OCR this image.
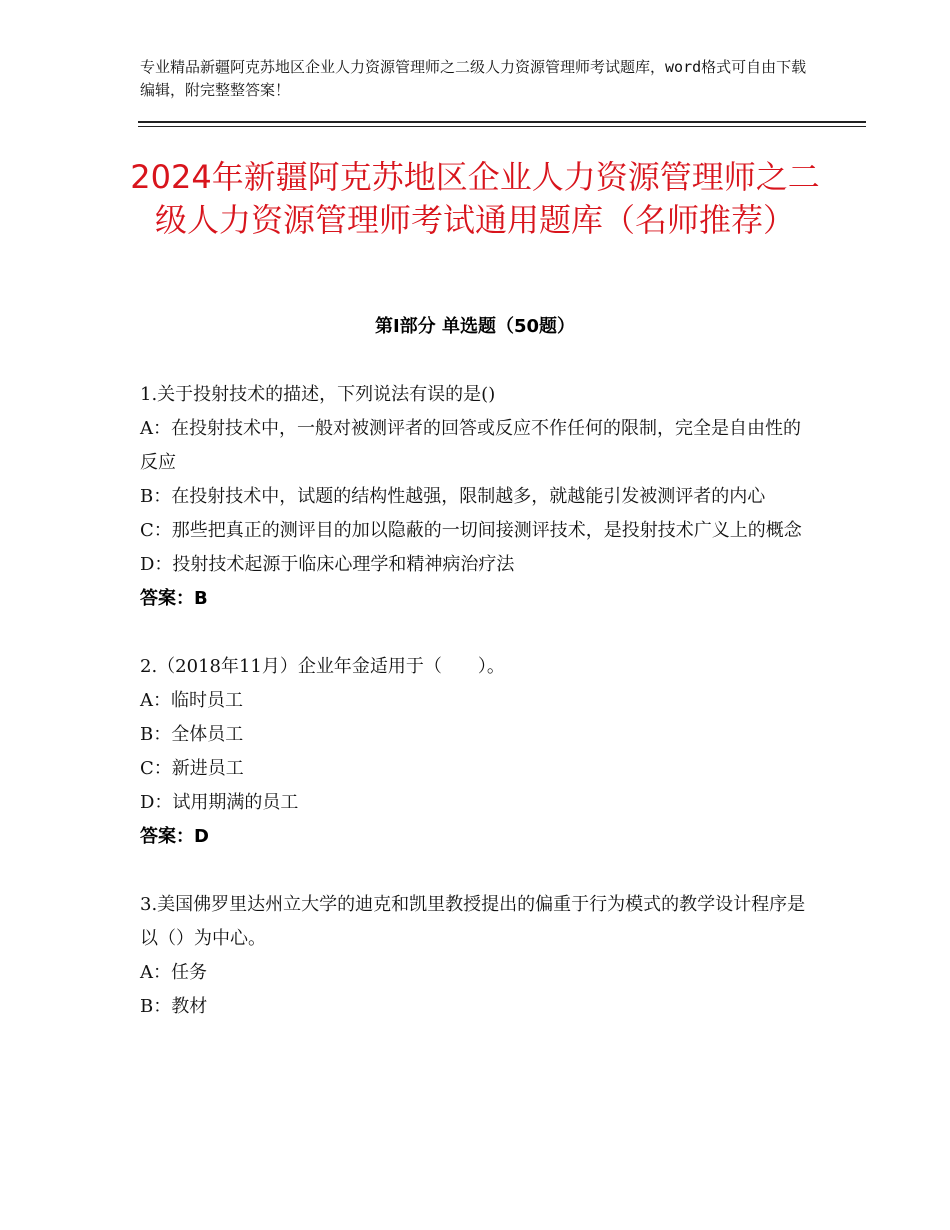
专业精品新疆阿克苏地区企业人力资源管理师之二级人力资源管理师考试题库，word格式可自由下载编辑，附完整整答案！
2024年新疆阿克苏地区企业人力资源管理师之二级人力资源管理师考试通用题库（名师推荐）
第Ⅰ部分 单选题（50题）

1.关于投射技术的描述，下列说法有误的是()

A：在投射技术中，一般对被测评者的回答或反应不作任何的限制，完全是自由性的反应

B：在投射技术中，试题的结构性越强，限制越多，就越能引发被测评者的内心

C：那些把真正的测评目的加以隐蔽的一切间接测评技术，是投射技术广义上的概念

D：投射技术起源于临床心理学和精神病治疗法

答案：B

2.（2018年11月）企业年金适用于（　　）。

A：临时员工

B：全体员工

C：新进员工

D：试用期满的员工

答案：D

3.美国佛罗里达州立大学的迪克和凯里教授提出的偏重于行为模式的教学设计程序是以（）为中心。

A：任务

B：教材
